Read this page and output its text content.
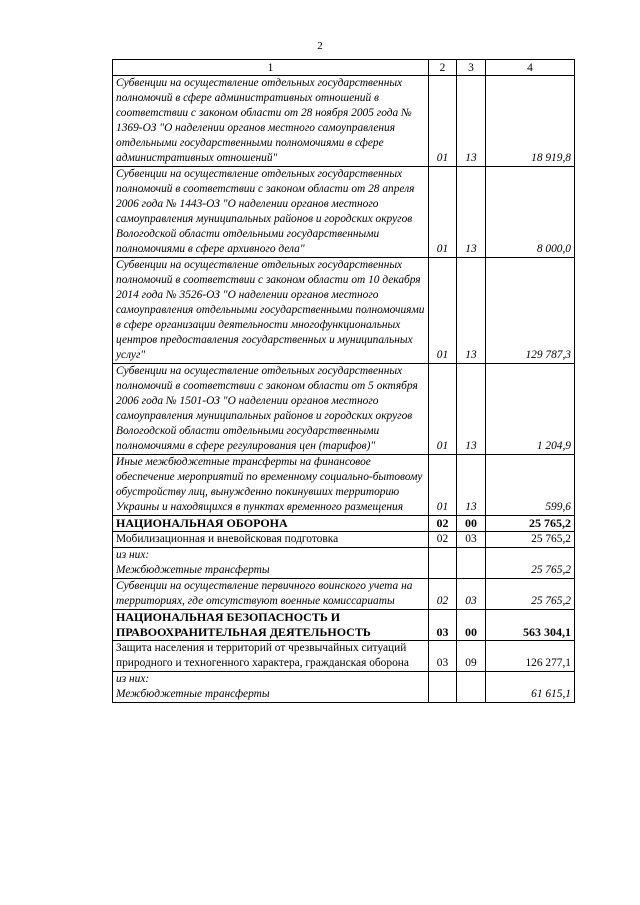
2
1	2	3	4
Субвенции на осуществление отдельных государственных полномочий в сфере административных отношений в соответствии с законом области от 28 ноября 2005 года № 1369-ОЗ "О наделении органов местного самоуправления отдельными государственными полномочиями в сфере административных отношений"	01	13	18 919,8
Субвенции на осуществление отдельных государственных полномочий в соответствии с законом области от 28 апреля 2006 года № 1443-ОЗ "О наделении органов местного самоуправления муниципальных районов и городских округов Вологодской области отдельными государственными полномочиями в сфере архивного дела"	01	13	8 000,0
Субвенции на осуществление отдельных государственных полномочий в соответствии с законом области от 10 декабря 2014 года № 3526-ОЗ "О наделении органов местного самоуправления отдельными государственными полномочиями в сфере организации деятельности многофункциональных центров предоставления государственных и муниципальных услуг"	01	13	129 787,3
Субвенции на осуществление отдельных государственных полномочий в соответствии с законом области от 5 октября 2006 года № 1501-ОЗ "О наделении органов местного самоуправления муниципальных районов и городских округов Вологодской области отдельными государственными полномочиями в сфере регулирования цен (тарифов)"	01	13	1 204,9
Иные межбюджетные трансферты на финансовое обеспечение мероприятий по временному социально-бытовому обустройству лиц, вынужденно покинувших территорию Украины и находящихся в пунктах временного размещения	01	13	599,6
НАЦИОНАЛЬНАЯ ОБОРОНА	02	00	25 765,2
Мобилизационная и вневойсковая подготовка	02	03	25 765,2

из них:
Межбюджетные трансферты			25 765,2
Субвенции на осуществление первичного воинского учета на территориях, где отсутствуют военные комиссариаты	02	03	25 765,2
НАЦИОНАЛЬНАЯ БЕЗОПАСНОСТЬ И ПРАВООХРАНИТЕЛЬНАЯ ДЕЯТЕЛЬНОСТЬ	03	00	563 304,1
Защита населения и территорий от чрезвычайных ситуаций природного и техногенного характера, гражданская оборона	03	09	126 277,1

из них:
Межбюджетные трансферты			61 615,1
